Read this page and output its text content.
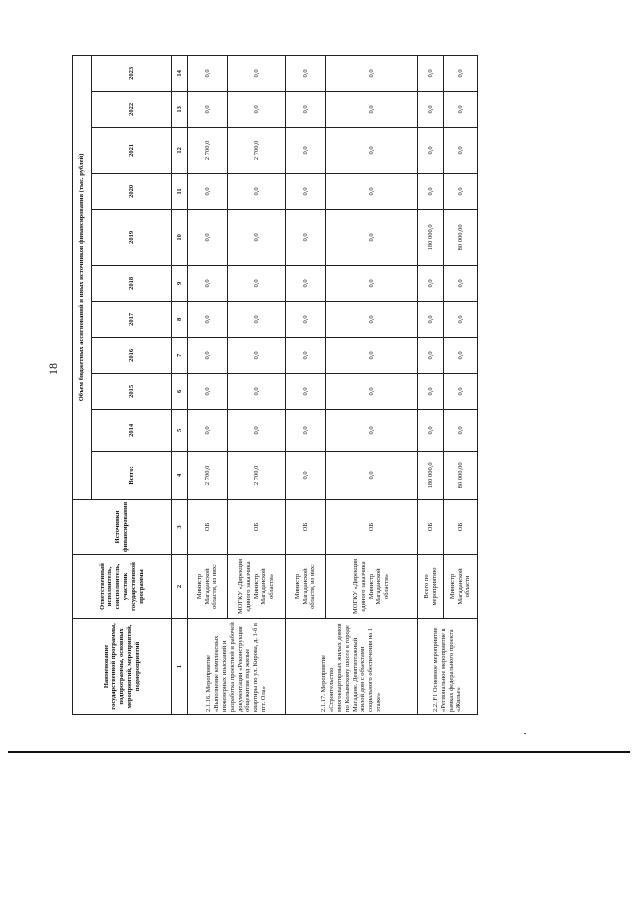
18
Наименование государственной программы, подпрограммы, основных мероприятий, мероприятий, подмероприятий	Ответственный исполнитель, соисполнитель, участник государственной программы	Источники финансирования	Объем бюджетных ассигнований и иных источников финансирования (тыс. рублей)										
			Всего:	2014	2015	2016	2017	2018	2019	2020	2021	2022	2023
1	2	3	4	5	6	7	8	9	10	11	12	13	14
2.1.16. Мероприятие «Выполнение комплексных инженерных изысканий и разработка проектной и рабочей документации «Реконструкция общежития под жилые квартиры по ул. Кирова, д. 1-б в пгт. Ола»	Министр Магаданской области, из них:	ОБ	2 700,0	0,0	0,0	0,0	0,0	0,0	0,0	0,0	2 700,0	0,0	0,0
	МОГКУ «Дирекция единого заказчика Министр Магаданской области»	ОБ	2 700,0	0,0	0,0	0,0	0,0	0,0	0,0	0,0	2 700,0	0,0	0,0
2.1.17. Мероприятие «Строительство многоквартирных жилых домов по Колымскому шоссе в городе Магадане. Девятиэтажный жилой дом с объектами социального обеспечения на 1 этаже»	Министр Магаданской области, из них:	ОБ	0,0	0,0	0,0	0,0	0,0	0,0	0,0	0,0	0,0	0,0	0,0
	МОГКУ «Дирекция единого заказчика Министр Магаданской области»	ОБ	0,0	0,0	0,0	0,0	0,0	0,0	0,0	0,0	0,0	0,0	0,0
2.2. F1 Основное мероприятие «Региональное мероприятие в рамках федерального проекта «Жилье»	Всего по мероприятию	ОБ	180 000,0	0,0	0,0	0,0	0,0	0,0	180 000,0	0,0	0,0	0,0	0,0
	Министр Магаданской области	ОБ	80 000,00	0,0	0,0	0,0	0,0	0,0	80 000,00	0,0	0,0	0,0	0,0
